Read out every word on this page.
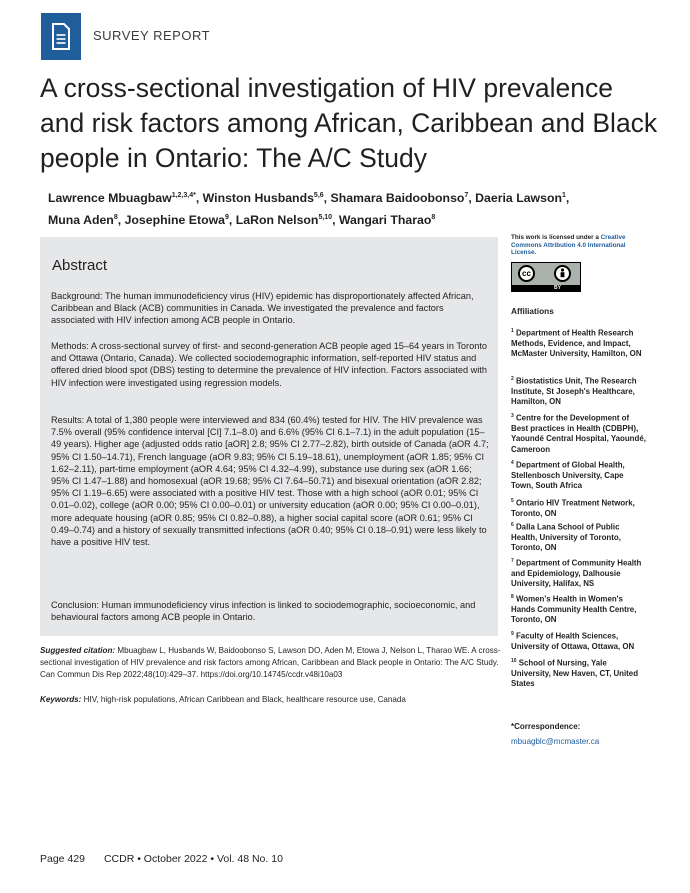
SURVEY REPORT
A cross-sectional investigation of HIV prevalence and risk factors among African, Caribbean and Black people in Ontario: The A/C Study
Lawrence Mbuagbaw$^{1,2,3,4*}$, Winston Husbands$^{5,6}$, Shamara Baidoobonso$^7$, Daeria Lawson$^1$,
Muna Aden$^8$, Josephine Etowa$^9$, LaRon Nelson$^{5,10}$, Wangari Tharao$^8$
Abstract

Background: The human immunodeficiency virus (HIV) epidemic has disproportionately affected African, Caribbean and Black (ACB) communities in Canada. We investigated the prevalence and factors associated with HIV infection among ACB people in Ontario.

Methods: A cross-sectional survey of first- and second-generation ACB people aged 15–64 years in Toronto and Ottawa (Ontario, Canada). We collected sociodemographic information, self-reported HIV status and offered dried blood spot (DBS) testing to determine the prevalence of HIV infection. Factors associated with HIV infection were investigated using regression models.

Results: A total of 1,380 people were interviewed and 834 (60.4%) tested for HIV. The HIV prevalence was 7.5% overall (95% confidence interval [CI] 7.1–8.0) and 6.6% (95% CI 6.1–7.1) in the adult population (15–49 years). Higher age (adjusted odds ratio [aOR] 2.8; 95% CI 2.77–2.82), birth outside of Canada (aOR 4.7; 95% CI 1.50–14.71), French language (aOR 9.83; 95% CI 5.19–18.61), unemployment (aOR 1.85; 95% CI 1.62–2.11), part-time employment (aOR 4.64; 95% CI 4.32–4.99), substance use during sex (aOR 1.66; 95% CI 1.47–1.88) and homosexual (aOR 19.68; 95% CI 7.64–50.71) and bisexual orientation (aOR 2.82; 95% CI 1.19–6.65) were associated with a positive HIV test. Those with a high school (aOR 0.01; 95% CI 0.01–0.02), college (aOR 0.00; 95% CI 0.00–0.01) or university education (aOR 0.00; 95% CI 0.00–0.01), more adequate housing (aOR 0.85; 95% CI 0.82–0.88), a higher social capital score (aOR 0.61; 95% CI 0.49–0.74) and a history of sexually transmitted infections (aOR 0.40; 95% CI 0.18–0.91) were less likely to have a positive HIV test.

Conclusion: Human immunodeficiency virus infection is linked to sociodemographic, socioeconomic, and behavioural factors among ACB people in Ontario.

Suggested citation: Mbuagbaw L, Husbands W, Baidoobonso S, Lawson DO, Aden M, Etowa J, Nelson L, Tharao WE. A cross-sectional investigation of HIV prevalence and risk factors among African, Caribbean and Black people in Ontario: The A/C Study. Can Commun Dis Rep 2022;48(10):429–37. https://doi.org/10.14745/ccdr.v48i10a03
Keywords: HIV, high-risk populations, African Caribbean and Black, healthcare resource use, Canada
This work is licensed under a Creative Commons Attribution 4.0 International License.
cc
BY
Affiliations
$^1$ Department of Health Research Methods, Evidence, and Impact, McMaster University, Hamilton, ON
$^2$ Biostatistics Unit, The Research Institute, St Joseph's Healthcare, Hamilton, ON
$^3$ Centre for the Development of Best practices in Health (CDBPH), Yaoundé Central Hospital, Yaoundé, Cameroon
$^4$ Department of Global Health, Stellenbosch University, Cape Town, South Africa
$^5$ Ontario HIV Treatment Network, Toronto, ON
$^6$ Dalla Lana School of Public Health, University of Toronto, Toronto, ON
$^7$ Department of Community Health and Epidemiology, Dalhousie University, Halifax, NS
$^8$ Women's Health in Women's Hands Community Health Centre, Toronto, ON
$^9$ Faculty of Health Sciences, University of Ottawa, Ottawa, ON
$^{10}$ School of Nursing, Yale University, New Haven, CT, United States
*Correspondence:
mbuagblc@mcmaster.ca
Page 429 CCDR • October 2022 • Vol. 48 No. 10
